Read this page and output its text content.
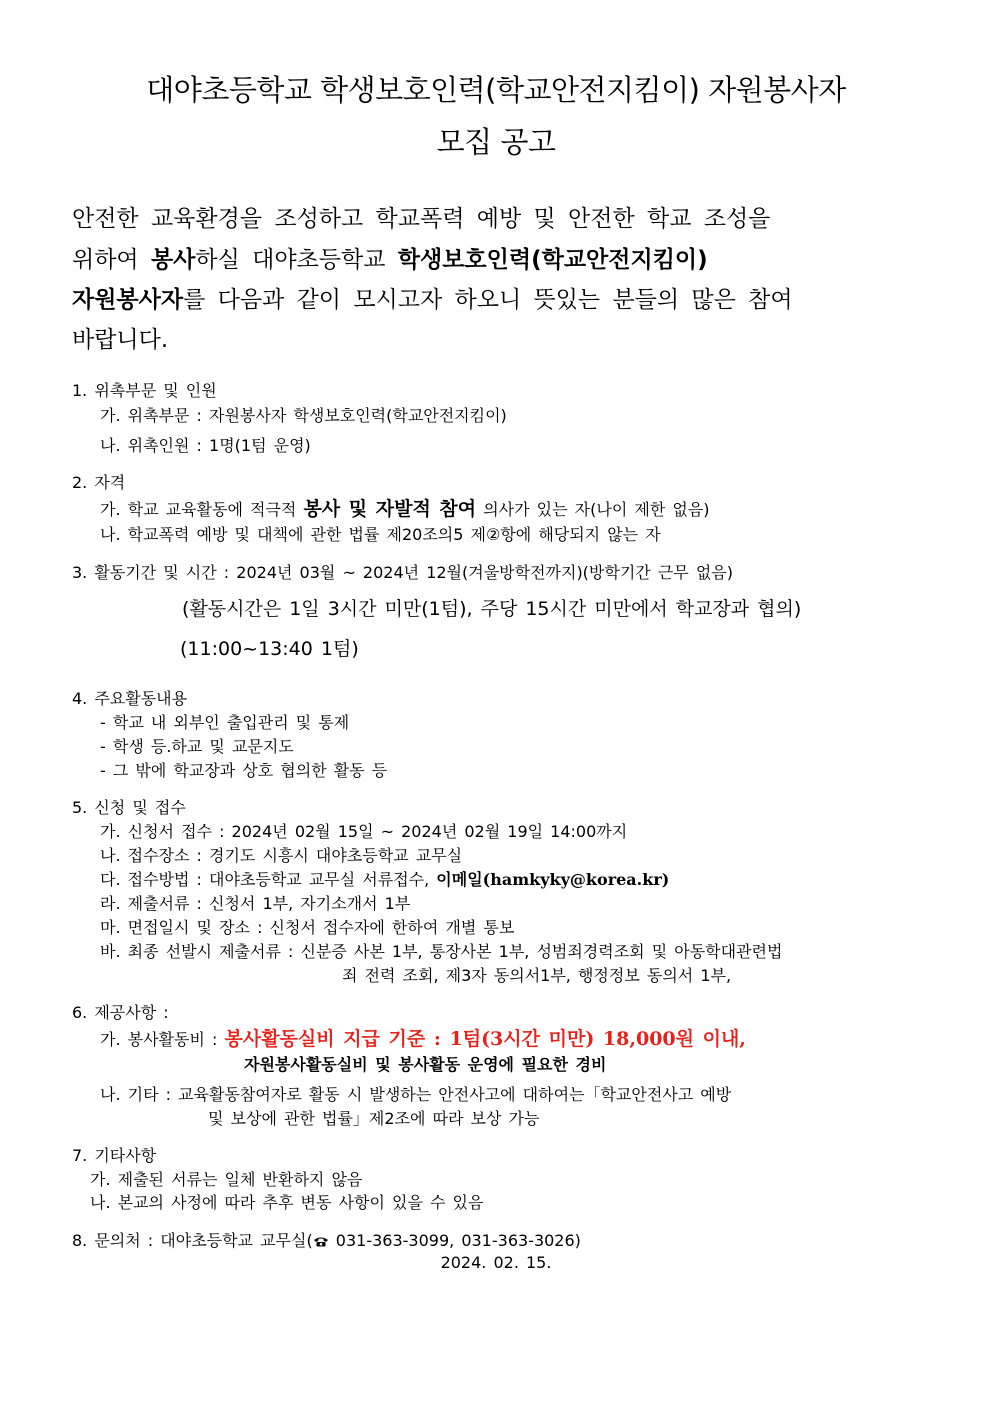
대야초등학교 학생보호인력(학교안전지킴이) 자원봉사자
모집 공고
안전한 교육환경을 조성하고 학교폭력 예방 및 안전한 학교 조성을
위하여 봉사하실 대야초등학교 학생보호인력(학교안전지킴이)
자원봉사자를 다음과 같이 모시고자 하오니 뜻있는 분들의 많은 참여
바랍니다.
1. 위촉부문 및 인원
가. 위촉부문 : 자원봉사자 학생보호인력(학교안전지킴이)
나. 위촉인원 : 1명(1텀 운영)
2. 자격
가. 학교 교육활동에 적극적 봉사 및 자발적 참여 의사가 있는 자(나이 제한 없음)
나. 학교폭력 예방 및 대책에 관한 법률 제20조의5 제②항에 해당되지 않는 자
3. 활동기간 및 시간 : 2024년 03월 ~ 2024년 12월(겨울방학전까지)(방학기간 근무 없음)
(활동시간은 1일 3시간 미만(1텀), 주당 15시간 미만에서 학교장과 협의)
(11:00~13:40 1텀)
4. 주요활동내용
- 학교 내 외부인 출입관리 및 통제
- 학생 등.하교 및 교문지도
- 그 밖에 학교장과 상호 협의한 활동 등
5. 신청 및 접수
가. 신청서 접수 : 2024년 02월 15일 ~ 2024년 02월 19일 14:00까지
나. 접수장소 : 경기도 시흥시 대야초등학교 교무실
다. 접수방법 : 대야초등학교 교무실 서류접수, 이메일(hamkyky@korea.kr)
라. 제출서류 : 신청서 1부, 자기소개서 1부
마. 면접일시 및 장소 : 신청서 접수자에 한하여 개별 통보
바. 최종 선발시 제출서류 : 신분증 사본 1부, 통장사본 1부, 성범죄경력조회 및 아동학대관련법
죄 전력 조회, 제3자 동의서1부, 행정정보 동의서 1부,
6. 제공사항 :
가. 봉사활동비 : 봉사활동실비 지급 기준 : 1텀(3시간 미만) 18,000원 이내,
자원봉사활동실비 및 봉사활동 운영에 필요한 경비
나. 기타 : 교육활동참여자로 활동 시 발생하는 안전사고에 대하여는「학교안전사고 예방
및 보상에 관한 법률」제2조에 따라 보상 가능
7. 기타사항
가. 제출된 서류는 일체 반환하지 않음
나. 본교의 사정에 따라 추후 변동 사항이 있을 수 있음
8. 문의처 : 대야초등학교 교무실( 031-363-3099, 031-363-3026)
2024. 02. 15.
